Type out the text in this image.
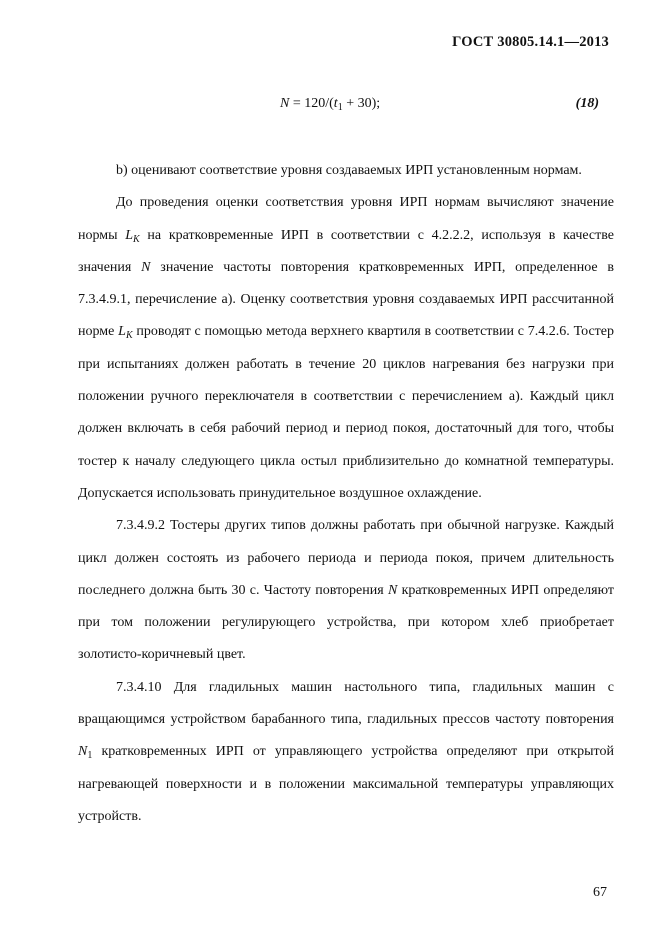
ГОСТ 30805.14.1—2013
$N = 120/(t_1 + 30)$;	(18)

b) оценивают соответствие уровня создаваемых ИРП установленным нормам.

До проведения оценки соответствия уровня ИРП нормам вычисляют значение нормы $L_K$ на кратковременные ИРП в соответствии с 4.2.2.2, используя в качестве значения N значение частоты повторения кратковременных ИРП, определенное в 7.3.4.9.1, перечисление а). Оценку соответствия уровня создаваемых ИРП рассчитанной норме $L_K$ проводят с помощью метода верхнего квартиля в соответствии с 7.4.2.6. Тостер при испытаниях должен работать в течение 20 циклов нагревания без нагрузки при положении ручного переключателя в соответствии с перечислением а). Каждый цикл должен включать в себя рабочий период и период покоя, достаточный для того, чтобы тостер к началу следующего цикла остыл приблизительно до комнатной температуры. Допускается использовать принудительное воздушное охлаждение.

7.3.4.9.2 Тостеры других типов должны работать при обычной нагрузке. Каждый цикл должен состоять из рабочего периода и периода покоя, причем длительность последнего должна быть 30 с. Частоту повторения N кратковременных ИРП определяют при том положении регулирующего устройства, при котором хлеб приобретает золотисто-коричневый цвет.

7.3.4.10 Для гладильных машин настольного типа, гладильных машин с вращающимся устройством барабанного типа, гладильных прессов частоту повторения $N_1$ кратковременных ИРП от управляющего устройства определяют при открытой нагревающей поверхности и в положении максимальной температуры управляющих устройств.

67
